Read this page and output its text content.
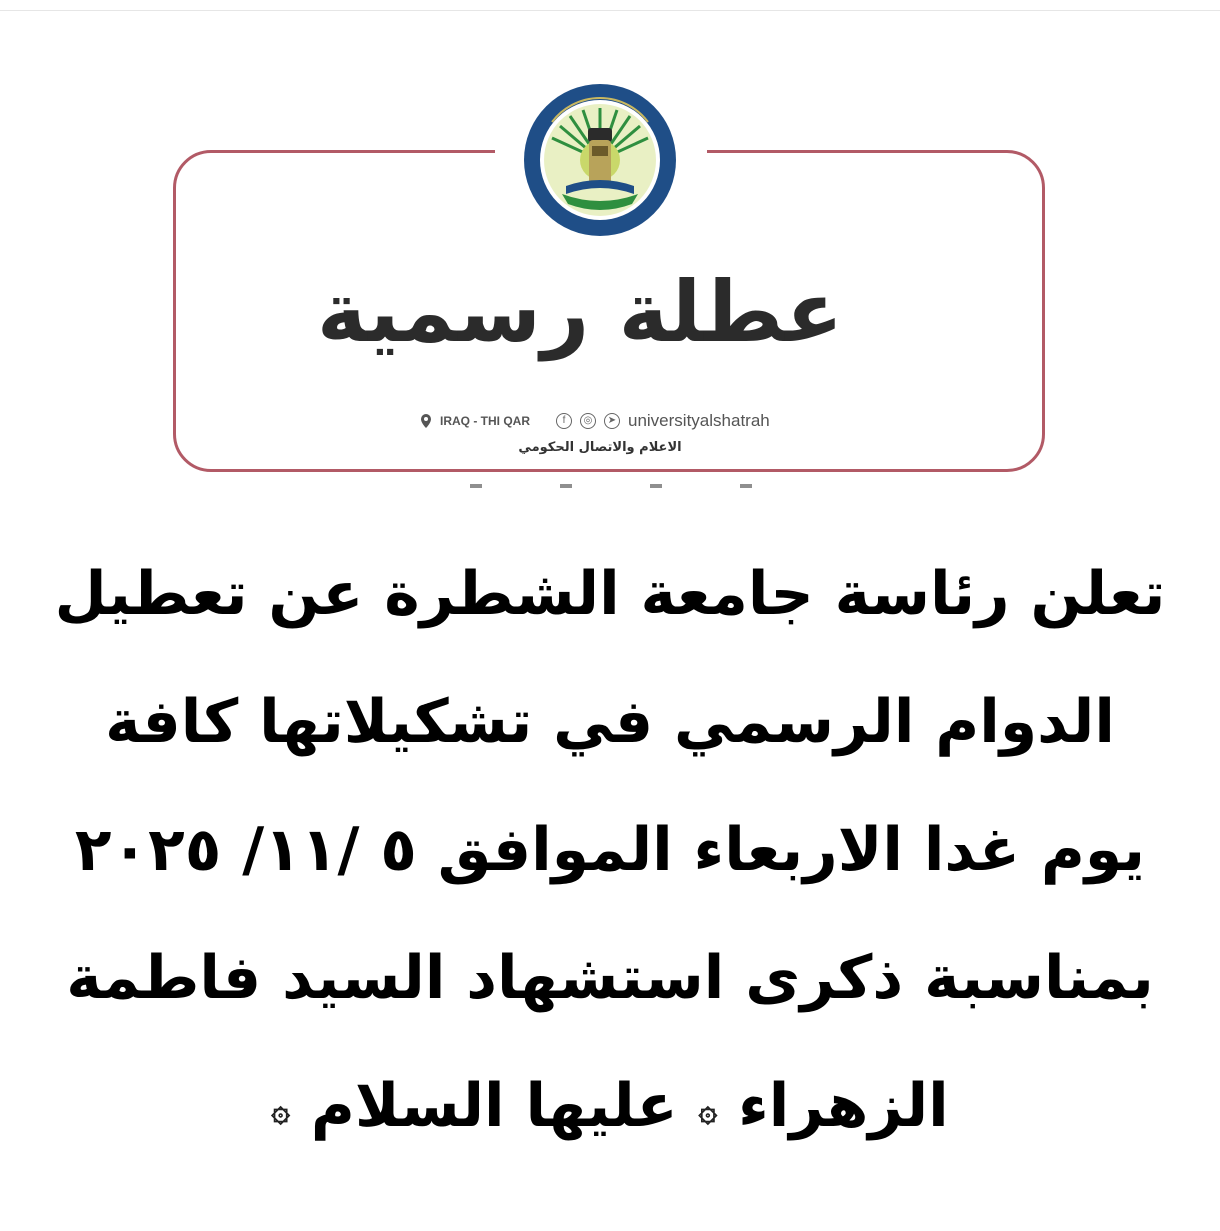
عطلة رسمية
IRAQ - THI QAR	f	◎	➤ universityalshatrah
الاعلام والاتصال الحكومي
تعلن رئاسة جامعة الشطرة عن تعطيل
الدوام الرسمي في تشكيلاتها كافة
يوم غدا الاربعاء الموافق ٥ /١١/ ٢٠٢٥
بمناسبة ذكرى استشهاد السيد فاطمة
الزهراء ۞ عليها السلام ۞
